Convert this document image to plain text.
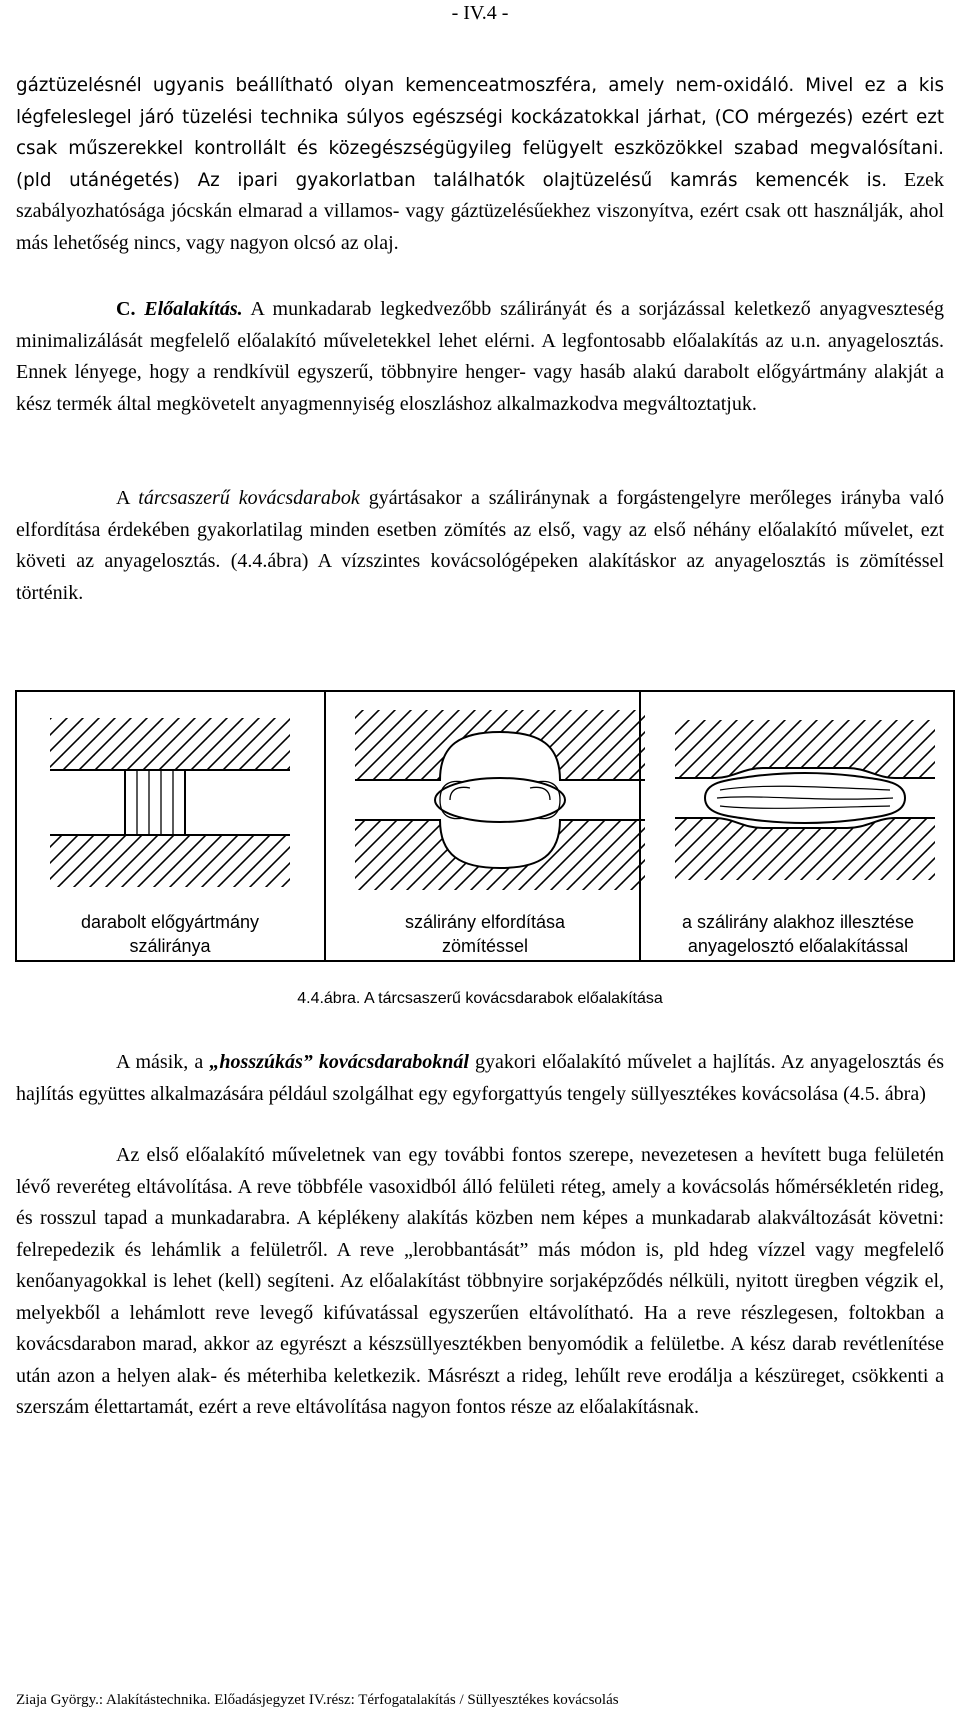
- IV.4 -

gáztüzelésnél ugyanis beállítható olyan kemenceatmoszféra, amely nem-oxidáló. Mivel ez a kis légfeleslegel járó tüzelési technika súlyos egészségi kockázatokkal járhat, (CO mérgezés) ezért ezt csak műszerekkel kontrollált és közegészségügyileg felügyelt eszközökkel szabad megvalósítani. (pld utánégetés) Az ipari gyakorlatban találhatók olajtüzelésű kamrás kemencék is. Ezek szabályozhatósága jócskán elmarad a villamos- vagy gáztüzelésűekhez viszonyítva, ezért csak ott használják, ahol más lehetőség nincs, vagy nagyon olcsó az olaj.

C. Előalakítás. A munkadarab legkedvezőbb szálirányát és a sorjázással keletkező anyagveszteség minimalizálását megfelelő előalakító műveletekkel lehet elérni. A legfontosabb előalakítás az u.n. anyagelosztás. Ennek lényege, hogy a rendkívül egyszerű, többnyire henger- vagy hasáb alakú darabolt előgyártmány alakját a kész termék által megkövetelt anyagmennyiség eloszláshoz alkalmazkodva megváltoztatjuk.

A tárcsaszerű kovácsdarabok gyártásakor a száliránynak a forgástengelyre merőleges irányba való elfordítása érdekében gyakorlatilag minden esetben zömítés az első, vagy az első néhány előalakító művelet, ezt követi az anyagelosztás. (4.4.ábra) A vízszintes kovácsológépeken alakításkor az anyagelosztás is zömítéssel történik.

darabolt előgyártmány
száliránya
szálirány elfordítása
zömítéssel
a szálirány alakhoz illesztése
anyagelosztó előalakítással
4.4.ábra. A tárcsaszerű kovácsdarabok előalakítása

A másik, a „hosszúkás” kovácsdaraboknál gyakori előalakító művelet a hajlítás. Az anyagelosztás és hajlítás együttes alkalmazására például szolgálhat egy egyforgattyús tengely süllyesztékes kovácsolása (4.5. ábra)

Az első előalakító műveletnek van egy további fontos szerepe, nevezetesen a hevített buga felületén lévő reveréteg eltávolítása. A reve többféle vasoxidból álló felületi réteg, amely a kovácsolás hőmérsékletén rideg, és rosszul tapad a munkadarabra. A képlékeny alakítás közben nem képes a munkadarab alakváltozását követni: felrepedezik és lehámlik a felületről. A reve „lerobbantását” más módon is, pld hdeg vízzel vagy megfelelő kenőanyagokkal is lehet (kell) segíteni. Az előalakítást többnyire sorjaképződés nélküli, nyitott üregben végzik el, melyekből a lehámlott reve levegő kifúvatással egyszerűen eltávolítható. Ha a reve részlegesen, foltokban a kovácsdarabon marad, akkor az egyrészt a készsüllyesztékben benyomódik a felületbe. A kész darab revétlenítése után azon a helyen alak- és méterhiba keletkezik. Másrészt a rideg, lehűlt reve erodálja a készüreget, csökkenti a szerszám élettartamát, ezért a reve eltávolítása nagyon fontos része az előalakításnak.

Ziaja György.: Alakítástechnika. Előadásjegyzet IV.rész: Térfogatalakítás / Süllyesztékes kovácsolás
